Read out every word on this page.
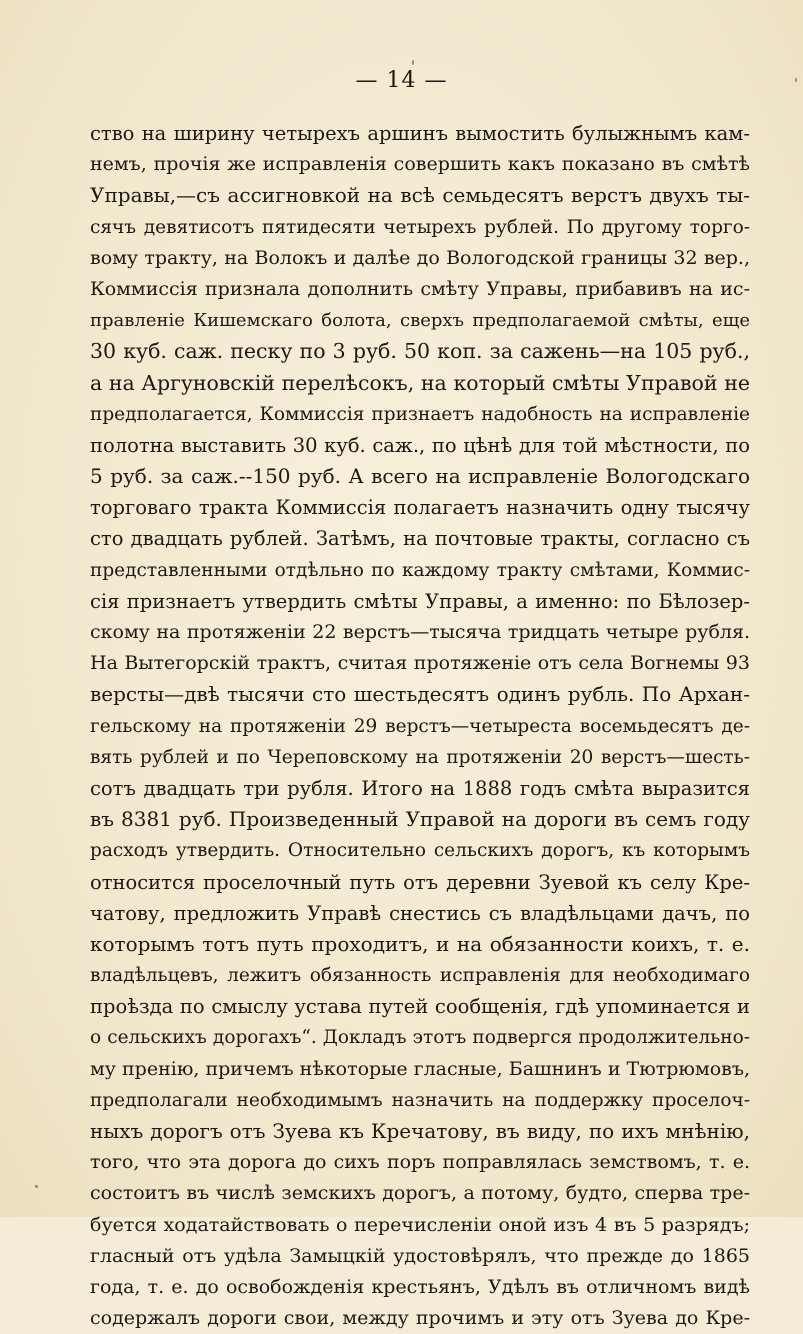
— 14 —
ство на ширину четырехъ аршинъ вымостить булыжнымъ кам-
немъ, прочія же исправленія совершить какъ показано въ смѣтѣ
Управы,—съ ассигновкой на всѣ семьдесятъ верстъ двухъ ты-
сячъ девятисотъ пятидесяти четырехъ рублей. По другому торго-
вому тракту, на Волокъ и далѣе до Вологодской границы 32 вер.,
Коммиссія признала дополнить смѣту Управы, прибавивъ на ис-
правленіе Кишемскаго болота, сверхъ предполагаемой смѣты, еще
30 куб. саж. песку по 3 руб. 50 коп. за сажень—на 105 руб.,
а на Аргуновскій перелѣсокъ, на который смѣты Управой не
предполагается, Коммиссія признаетъ надобность на исправленіе
полотна выставить 30 куб. саж., по цѣнѣ для той мѣстности, по
5 руб. за саж.--150 руб. А всего на исправленіе Вологодскаго
торговаго тракта Коммиссія полагаетъ назначить одну тысячу
сто двадцать рублей. Затѣмъ, на почтовые тракты, согласно съ
представленными отдѣльно по каждому тракту смѣтами, Коммис-
сія признаетъ утвердить смѣты Управы, а именно: по Бѣлозер-
скому на протяженіи 22 верстъ—тысяча тридцать четыре рубля.
На Вытегорскій трактъ, считая протяженіе отъ села Вогнемы 93
версты—двѣ тысячи сто шестьдесятъ одинъ рубль. По Архан-
гельскому на протяженіи 29 верстъ—четыреста восемьдесятъ де-
вять рублей и по Череповскому на протяженіи 20 верстъ—шесть-
сотъ двадцать три рубля. Итого на 1888 годъ смѣта выразится
въ 8381 руб. Произведенный Управой на дороги въ семъ году
расходъ утвердить. Относительно сельскихъ дорогъ, къ которымъ
относится проселочный путь отъ деревни Зуевой къ селу Кре-
чатову, предложить Управѣ снестись съ владѣльцами дачъ, по
которымъ тотъ путь проходитъ, и на обязанности коихъ, т. е.
владѣльцевъ, лежитъ обязанность исправленія для необходимаго
проѣзда по смыслу устава путей сообщенія, гдѣ упоминается и
о сельскихъ дорогахъ“. Докладъ этотъ подвергся продолжительно-
му пренію, причемъ нѣкоторые гласные, Башнинъ и Тютрюмовъ,
предполагали необходимымъ назначить на поддержку проселоч-
ныхъ дорогъ отъ Зуева къ Кречатову, въ виду, по ихъ мнѣнію,
того, что эта дорога до сихъ поръ поправлялась земствомъ, т. е.
состоитъ въ числѣ земскихъ дорогъ, а потому, будто, сперва тре-
буется ходатайствовать о перечисленіи оной изъ 4 въ 5 разрядъ;
гласный отъ удѣла Замыцкій удостовѣрялъ, что прежде до 1865
года, т. е. до освобожденія крестьянъ, Удѣлъ въ отличномъ видѣ
содержалъ дороги свои, между прочимъ и эту отъ Зуева до Кре-
